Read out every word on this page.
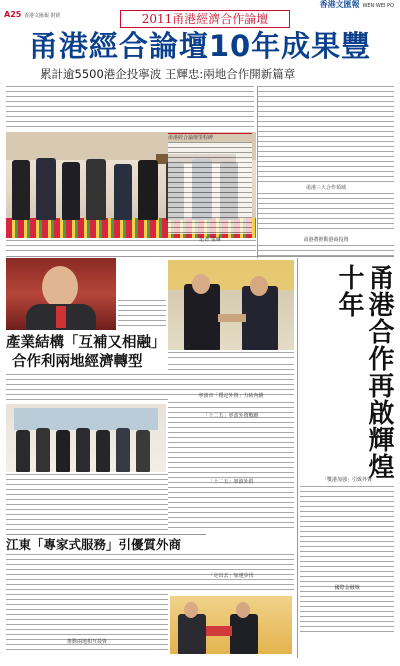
A25 香港文匯報 財經	2011甬港經濟合作論壇
香港文匯報 WEN WEI PO
甬港經合論壇10年成果豐
累計逾5500港企投寧波 王輝忠:兩地合作開新篇章
甬港經合論壇里程碑
甬港三大合作領域
記者 張琳	甬港將推動港商投資
產業結構「互補又相融」
合作利兩地經濟轉型	甬港合作再啟輝煌十年
寧波市「穩定外資」力拓內銷
「十二五」寧波外資戰略
「十二五」寧波外貿	「雙港加強」引致外資
國際金融城
江東「專家式服務」引優質外商
推動兩地相互投資
「走出去」加速步伐
